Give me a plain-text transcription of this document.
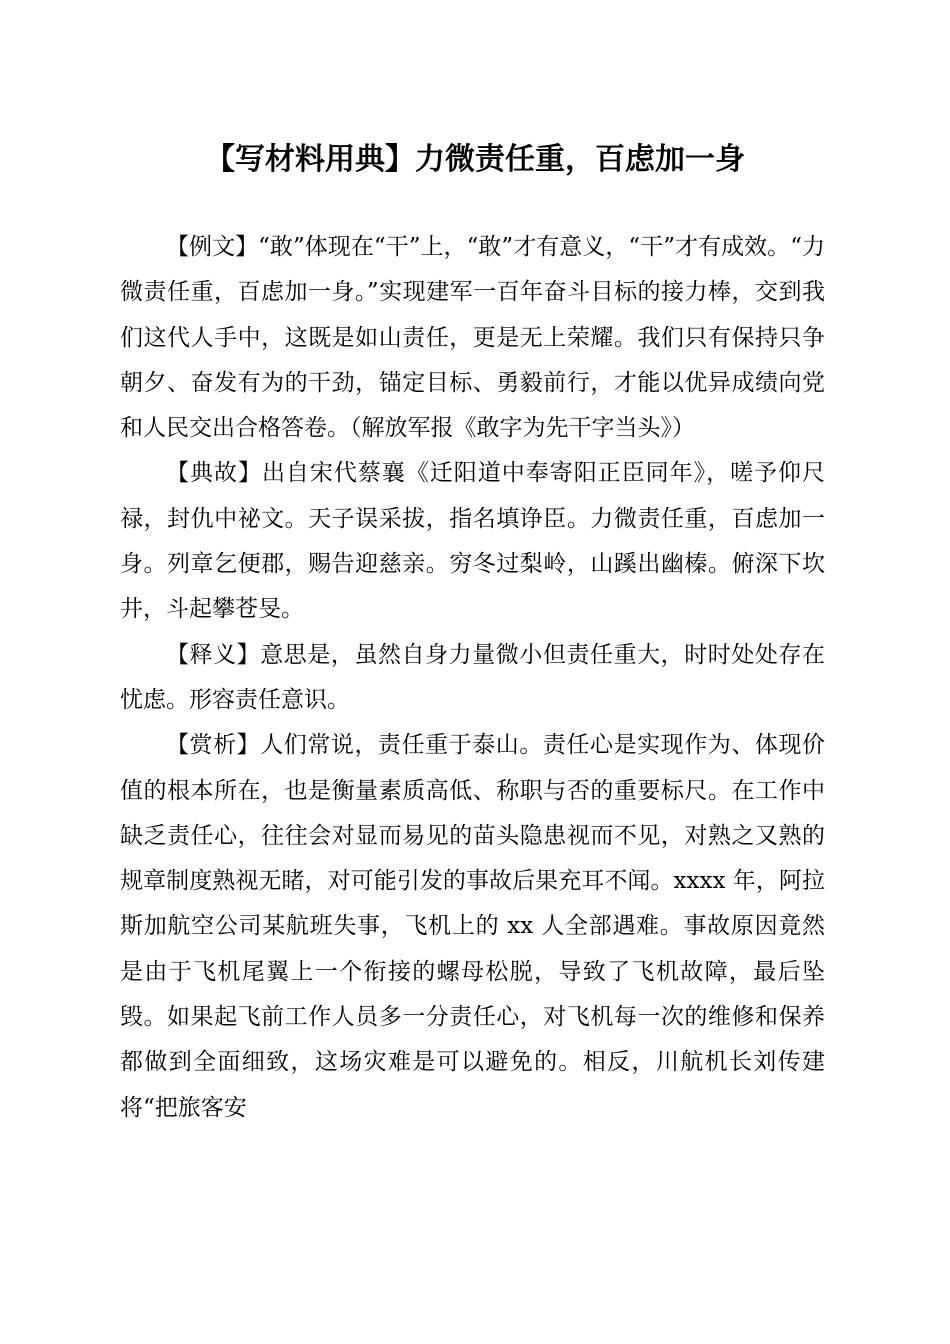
【写材料用典】力微责任重，百虑加一身

【例文】“敢”体现在“干”上，“敢”才有意义，“干”才有成效。“力微责任重，百虑加一身。”实现建军一百年奋斗目标的接力棒，交到我们这代人手中，这既是如山责任，更是无上荣耀。我们只有保持只争朝夕、奋发有为的干劲，锚定目标、勇毅前行，才能以优异成绩向党和人民交出合格答卷。（解放军报《敢字为先干字当头》）

【典故】出自宋代蔡襄《迁阳道中奉寄阳正臣同年》，嗟予仰尺禄，封仇中祕文。天子误采拔，指名填诤臣。力微责任重，百虑加一身。列章乞便郡，赐告迎慈亲。穷冬过梨岭，山蹊出幽榛。俯深下坎井，斗起攀苍旻。

【释义】意思是，虽然自身力量微小但责任重大，时时处处存在忧虑。形容责任意识。

【赏析】人们常说，责任重于泰山。责任心是实现作为、体现价值的根本所在，也是衡量素质高低、称职与否的重要标尺。在工作中缺乏责任心，往往会对显而易见的苗头隐患视而不见，对熟之又熟的规章制度熟视无睹，对可能引发的事故后果充耳不闻。xxxx 年，阿拉斯加航空公司某航班失事，飞机上的 xx 人全部遇难。事故原因竟然是由于飞机尾翼上一个衔接的螺母松脱，导致了飞机故障，最后坠毁。如果起飞前工作人员多一分责任心，对飞机每一次的维修和保养都做到全面细致，这场灾难是可以避免的。相反，川航机长刘传建将“把旅客安
